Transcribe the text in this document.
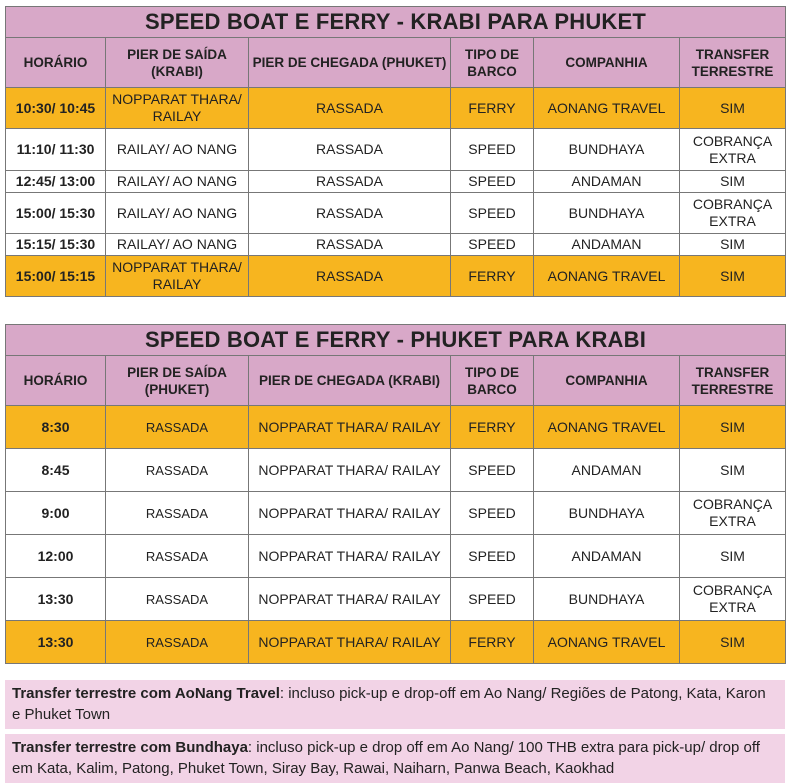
SPEED BOAT E FERRY - KRABI PARA PHUKET					
HORÁRIO	PIER DE SAÍDA (KRABI)	PIER DE CHEGADA (PHUKET)	TIPO DE BARCO	COMPANHIA	TRANSFER TERRESTRE
10:30/ 10:45	NOPPARAT THARA/ RAILAY	RASSADA	FERRY	AONANG TRAVEL	SIM
11:10/ 11:30	RAILAY/ AO NANG	RASSADA	SPEED	BUNDHAYA	COBRANÇA EXTRA
12:45/ 13:00	RAILAY/ AO NANG	RASSADA	SPEED	ANDAMAN	SIM
15:00/ 15:30	RAILAY/ AO NANG	RASSADA	SPEED	BUNDHAYA	COBRANÇA EXTRA
15:15/ 15:30	RAILAY/ AO NANG	RASSADA	SPEED	ANDAMAN	SIM
15:00/ 15:15	NOPPARAT THARA/ RAILAY	RASSADA	FERRY	AONANG TRAVEL	SIM
SPEED BOAT E FERRY - PHUKET PARA KRABI					
HORÁRIO	PIER DE SAÍDA (PHUKET)	PIER DE CHEGADA (KRABI)	TIPO DE BARCO	COMPANHIA	TRANSFER TERRESTRE
8:30	RASSADA	NOPPARAT THARA/ RAILAY	FERRY	AONANG TRAVEL	SIM
8:45	RASSADA	NOPPARAT THARA/ RAILAY	SPEED	ANDAMAN	SIM
9:00	RASSADA	NOPPARAT THARA/ RAILAY	SPEED	BUNDHAYA	COBRANÇA EXTRA
12:00	RASSADA	NOPPARAT THARA/ RAILAY	SPEED	ANDAMAN	SIM
13:30	RASSADA	NOPPARAT THARA/ RAILAY	SPEED	BUNDHAYA	COBRANÇA EXTRA
13:30	RASSADA	NOPPARAT THARA/ RAILAY	FERRY	AONANG TRAVEL	SIM
Transfer terrestre com AoNang Travel: incluso pick-up e drop-off em Ao Nang/ Regiões de Patong, Kata, Karon e Phuket Town
Transfer terrestre com Bundhaya: incluso pick-up e drop off em Ao Nang/ 100 THB extra para pick-up/ drop off em Kata, Kalim, Patong, Phuket Town, Siray Bay, Rawai, Naiharn, Panwa Beach, Kaokhad
